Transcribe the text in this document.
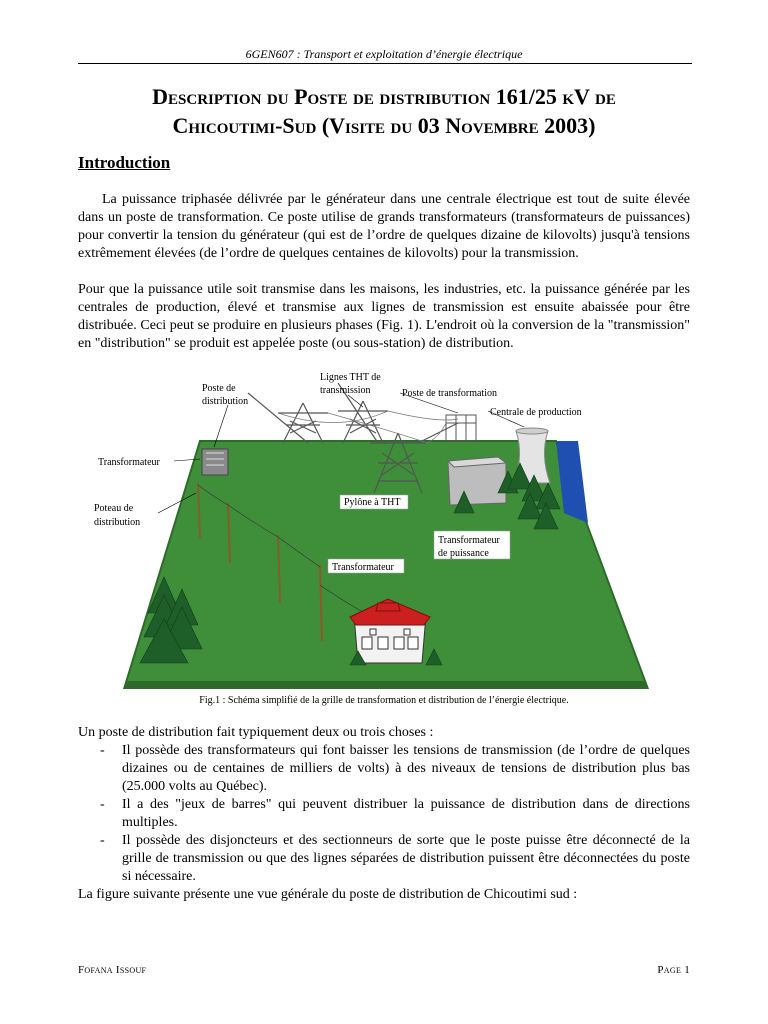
6GEN607 : Transport et exploitation d’énergie électrique
Description du Poste de distribution 161/25 kV de
Chicoutimi-Sud (Visite du 03 Novembre 2003)
Introduction
La puissance triphasée délivrée par le générateur dans une centrale électrique est tout de suite élevée dans un poste de transformation. Ce poste utilise de grands transformateurs (transformateurs de puissances) pour convertir la tension du générateur (qui est de l’ordre de quelques dizaine de kilovolts) jusqu'à tensions extrêmement élevées (de l’ordre de quelques centaines de kilovolts) pour la transmission.
Pour que la puissance utile soit transmise dans les maisons, les industries, etc. la puissance générée par les centrales de production, élevé et transmise aux lignes de transmission est ensuite abaissée pour être distribuée. Ceci peut se produire en plusieurs phases (Fig. 1). L'endroit où la conversion de la "transmission" en "distribution" se produit est appelée poste (ou sous-station) de distribution.
Poste de
distribution
Lignes THT de
transmission	Poste de transformation
Centrale de production
Transformateur
Poteau de
distribution
Pylône à THT
Transformateur
de puissance
Transformateur
Fig.1 : Schéma simplifié de la grille de transformation et distribution de l’énergie électrique.
Un poste de distribution fait typiquement deux ou trois choses :
- Il possède des transformateurs qui font baisser les tensions de transmission (de l’ordre de quelques dizaines ou de centaines de milliers de volts) à des niveaux de tensions de distribution plus bas (25.000 volts au Québec).
- Il a des "jeux de barres" qui peuvent distribuer la puissance de distribution dans de directions multiples.
- Il possède des disjoncteurs et des sectionneurs de sorte que le poste puisse être déconnecté de la grille de transmission ou que des lignes séparées de distribution puissent être déconnectées du poste si nécessaire.
La figure suivante présente une vue générale du poste de distribution de Chicoutimi sud :
Fofana Issouf	Page 1
